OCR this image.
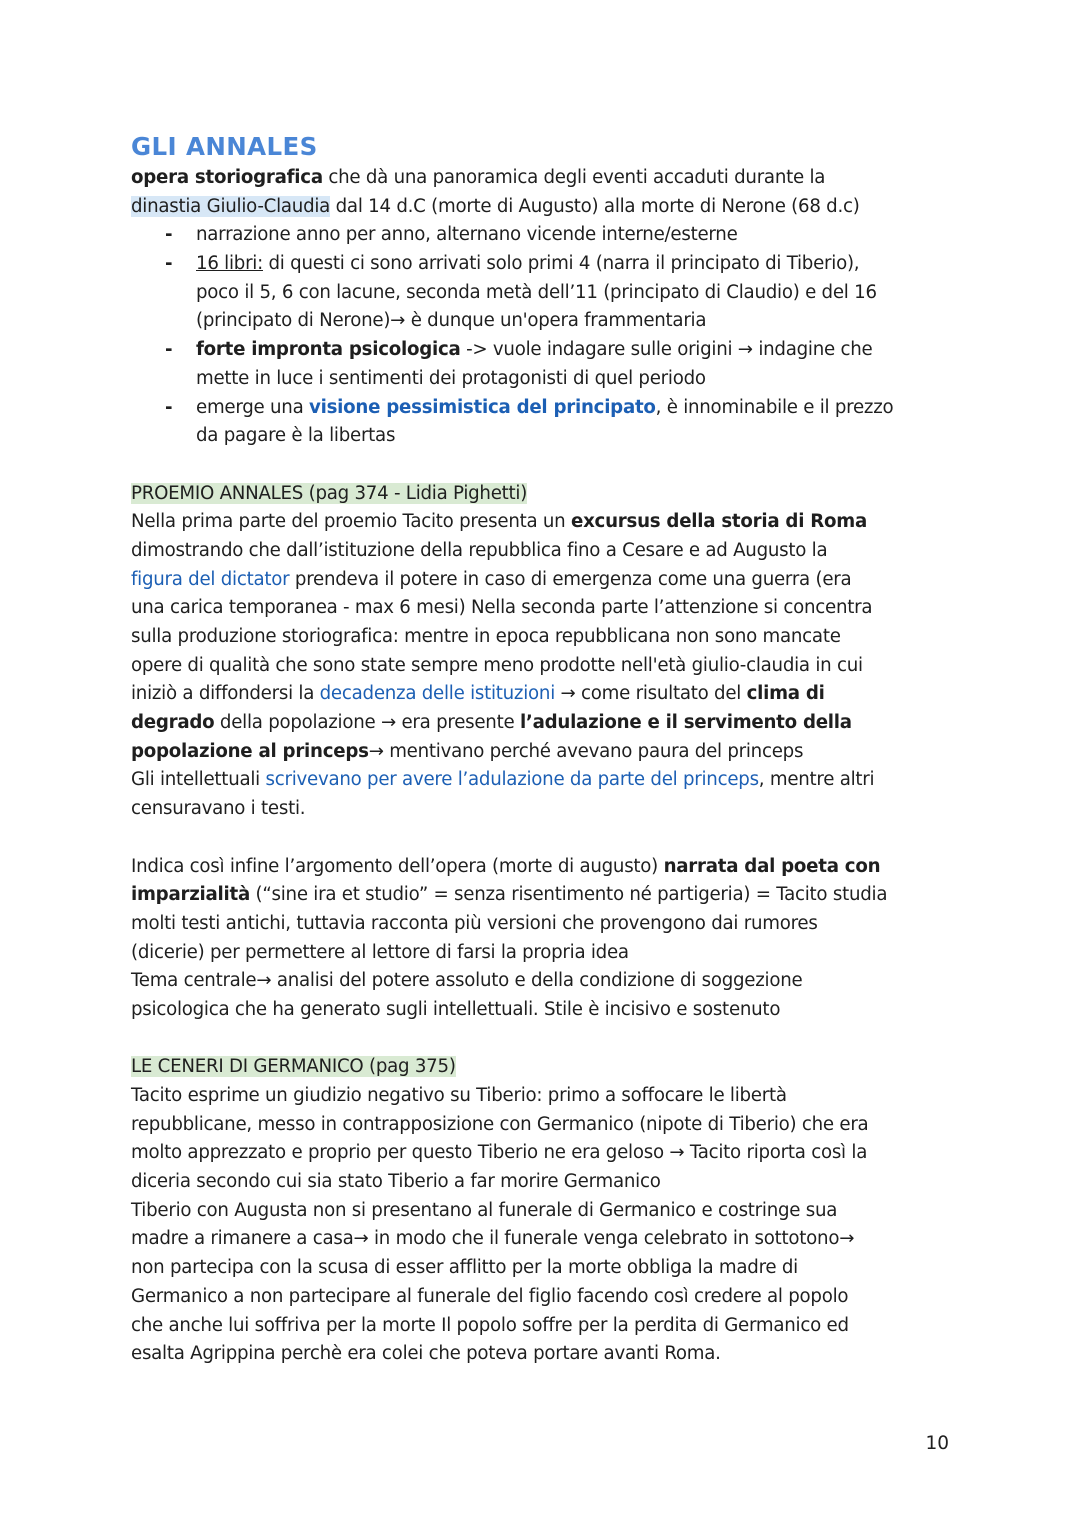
GLI ANNALES
opera storiografica che dà una panoramica degli eventi accaduti durante la
dinastia Giulio-Claudia dal 14 d.C (morte di Augusto) alla morte di Nerone (68 d.c)
- narrazione anno per anno, alternano vicende interne/esterne
- 16 libri: di questi ci sono arrivati solo primi 4 (narra il principato di Tiberio),
poco il 5, 6 con lacune, seconda metà dell’11 (principato di Claudio) e del 16
(principato di Nerone)→ è dunque un'opera frammentaria
- forte impronta psicologica -> vuole indagare sulle origini → indagine che
mette in luce i sentimenti dei protagonisti di quel periodo
- emerge una visione pessimistica del principato, è innominabile e il prezzo
da pagare è la libertas
PROEMIO ANNALES (pag 374 - Lidia Pighetti)
Nella prima parte del proemio Tacito presenta un excursus della storia di Roma
dimostrando che dall’istituzione della repubblica fino a Cesare e ad Augusto la
figura del dictator prendeva il potere in caso di emergenza come una guerra (era
una carica temporanea - max 6 mesi) Nella seconda parte l’attenzione si concentra
sulla produzione storiografica: mentre in epoca repubblicana non sono mancate
opere di qualità che sono state sempre meno prodotte nell'età giulio-claudia in cui
iniziò a diffondersi la decadenza delle istituzioni → come risultato del clima di
degrado della popolazione → era presente l’adulazione e il servimento della
popolazione al princeps→ mentivano perché avevano paura del princeps
Gli intellettuali scrivevano per avere l’adulazione da parte del princeps, mentre altri
censuravano i testi.
Indica così infine l’argomento dell’opera (morte di augusto) narrata dal poeta con
imparzialità (“sine ira et studio” = senza risentimento né partigeria) = Tacito studia
molti testi antichi, tuttavia racconta più versioni che provengono dai rumores
(dicerie) per permettere al lettore di farsi la propria idea
Tema centrale→ analisi del potere assoluto e della condizione di soggezione
psicologica che ha generato sugli intellettuali. Stile è incisivo e sostenuto
LE CENERI DI GERMANICO (pag 375)
Tacito esprime un giudizio negativo su Tiberio: primo a soffocare le libertà
repubblicane, messo in contrapposizione con Germanico (nipote di Tiberio) che era
molto apprezzato e proprio per questo Tiberio ne era geloso → Tacito riporta così la
diceria secondo cui sia stato Tiberio a far morire Germanico
Tiberio con Augusta non si presentano al funerale di Germanico e costringe sua
madre a rimanere a casa→ in modo che il funerale venga celebrato in sottotono→
non partecipa con la scusa di esser afflitto per la morte obbliga la madre di
Germanico a non partecipare al funerale del figlio facendo così credere al popolo
che anche lui soffriva per la morte Il popolo soffre per la perdita di Germanico ed
esalta Agrippina perchè era colei che poteva portare avanti Roma.
10
